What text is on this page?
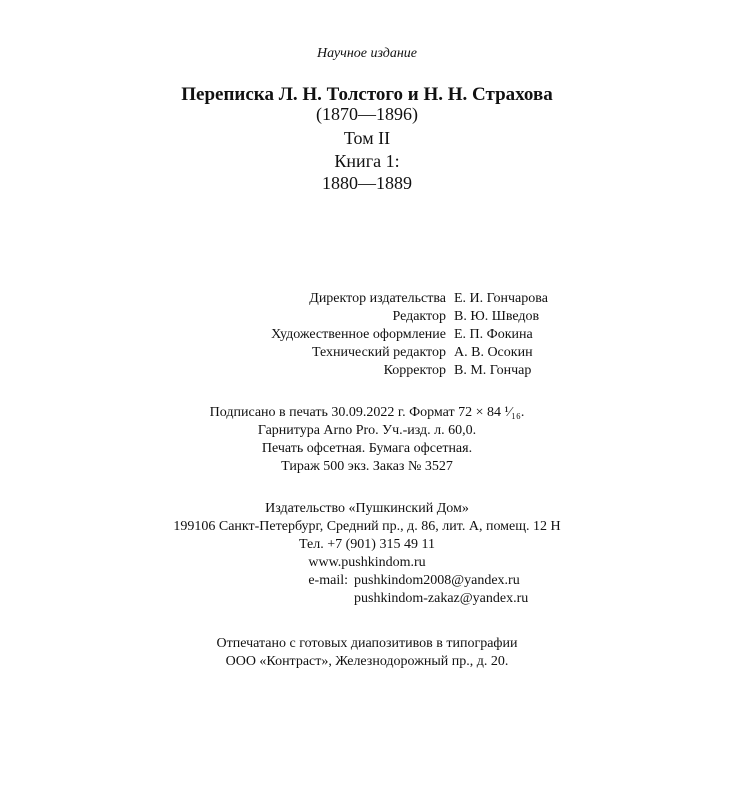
Научное издание
Переписка Л. Н. Толстого и Н. Н. Страхова
(1870—1896)
Том II
Книга 1:
1880—1889
Директор издательства Е. И. Гончарова
Редактор В. Ю. Шведов
Художественное оформление Е. П. Фокина
Технический редактор А. В. Осокин
Корректор В. М. Гончар
Подписано в печать 30.09.2022 г. Формат 72 × 84 ¹⁄₁₆.
Гарнитура Arno Pro. Уч.-изд. л. 60,0.
Печать офсетная. Бумага офсетная.
Тираж 500 экз. Заказ № 3527
Издательство «Пушкинский Дом»
199106 Санкт-Петербург, Средний пр., д. 86, лит. А, помещ. 12 Н
Тел. +7 (901) 315 49 11
www.pushkindom.ru
e-mail: pushkindom2008@yandex.ru
pushkindom-zakaz@yandex.ru
Отпечатано с готовых диапозитивов в типографии
ООО «Контраст», Железнодорожный пр., д. 20.
